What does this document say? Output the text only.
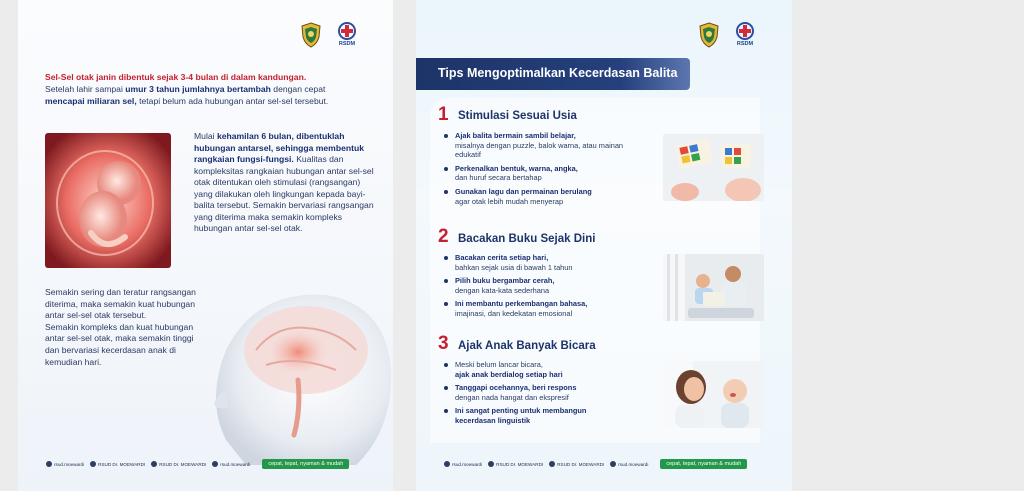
RSDM
Sel-Sel otak janin dibentuk sejak 3-4 bulan di dalam kandungan.
Setelah lahir sampai umur 3 tahun jumlahnya bertambah dengan cepat mencapai miliaran sel, tetapi belum ada hubungan antar sel-sel tersebut.
Mulai kehamilan 6 bulan, dibentuklah hubungan antarsel, sehingga membentuk rangkaian fungsi-fungsi. Kualitas dan kompleksitas rangkaian hubungan antar sel-sel otak ditentukan oleh stimulasi (rangsangan) yang dilakukan oleh lingkungan kepada bayi-balita tersebut. Semakin bervariasi rangsangan yang diterima maka semakin kompleks hubungan antar sel-sel otak.
Semakin sering dan teratur rangsangan diterima, maka semakin kuat hubungan antar sel-sel otak tersebut.
Semakin kompleks dan kuat hubungan antar sel-sel otak, maka semakin tinggi dan bervariasi kecerdasan anak di kemudian hari.
rsud.moewardi	RSUD Dr. MOEWARDI	RSUD Dr. MOEWARDI	rsud.moewardi	cepat, tepat, nyaman & mudah
RSDM
Tips Mengoptimalkan Kecerdasan Balita
1 Stimulasi Sesuai Usia
Ajak balita bermain sambil belajar,
misalnya dengan puzzle, balok warna, atau mainan edukatif
Perkenalkan bentuk, warna, angka,
dan huruf secara bertahap
Gunakan lagu dan permainan berulang
agar otak lebih mudah menyerap
2 Bacakan Buku Sejak Dini
Bacakan cerita setiap hari,
bahkan sejak usia di bawah 1 tahun
Pilih buku bergambar cerah,
dengan kata-kata sederhana
Ini membantu perkembangan bahasa,
imajinasi, dan kedekatan emosional
3 Ajak Anak Banyak Bicara
Meski belum lancar bicara,
ajak anak berdialog setiap hari
Tanggapi ocehannya, beri respons
dengan nada hangat dan ekspresif
Ini sangat penting untuk membangun
kecerdasan linguistik
rsud.moewardi	RSUD Dr. MOEWARDI	RSUD Dr. MOEWARDI	rsud.moewardi	cepat, tepat, nyaman & mudah
